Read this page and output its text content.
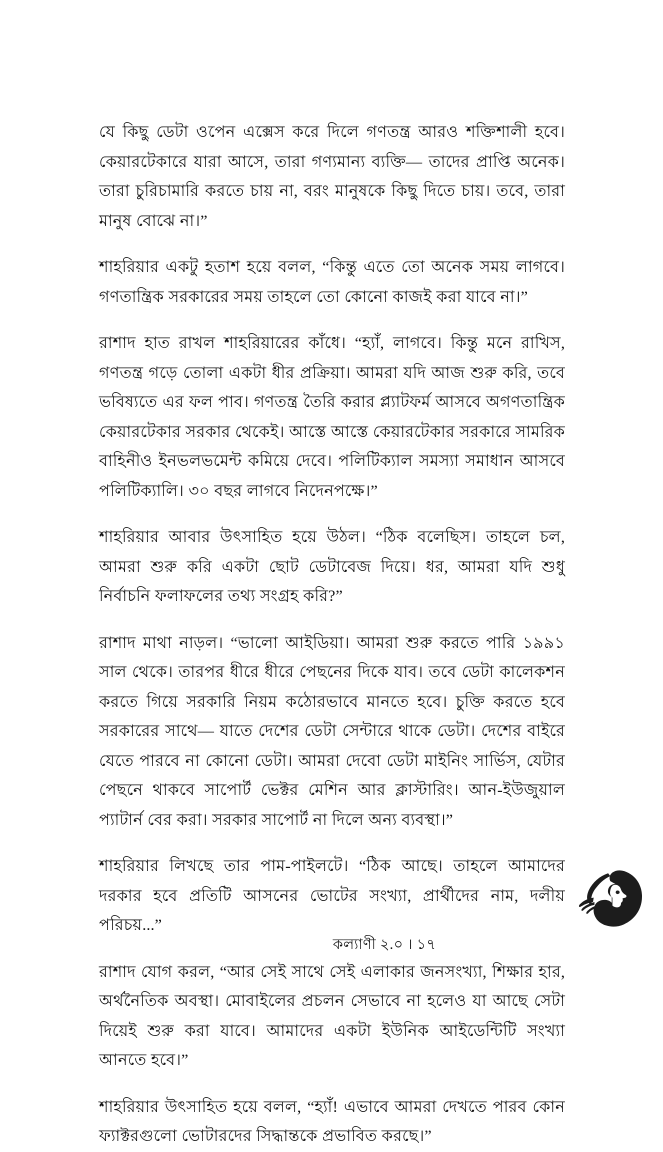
যে কিছু ডেটা ওপেন এক্সেস করে দিলে গণতন্ত্র আরও শক্তিশালী হবে। কেয়ারটেকারে যারা আসে, তারা গণ্যমান্য ব্যক্তি— তাদের প্রাপ্তি অনেক। তারা চুরিচামারি করতে চায় না, বরং মানুষকে কিছু দিতে চায়। তবে, তারা মানুষ বোঝে না।”

শাহরিয়ার একটু হতাশ হয়ে বলল, “কিন্তু এতে তো অনেক সময় লাগবে। গণতান্ত্রিক সরকারের সময় তাহলে তো কোনো কাজই করা যাবে না।”

রাশাদ হাত রাখল শাহরিয়ারের কাঁধে। “হ্যাঁ, লাগবে। কিন্তু মনে রাখিস, গণতন্ত্র গড়ে তোলা একটা ধীর প্রক্রিয়া। আমরা যদি আজ শুরু করি, তবে ভবিষ্যতে এর ফল পাব। গণতন্ত্র তৈরি করার প্ল্যাটফর্ম আসবে অগণতান্ত্রিক কেয়ারটেকার সরকার থেকেই। আস্তে আস্তে কেয়ারটেকার সরকারে সামরিক বাহিনীও ইনভলভমেন্ট কমিয়ে দেবে। পলিটিক্যাল সমস্যা সমাধান আসবে পলিটিক্যালি। ৩০ বছর লাগবে নিদেনপক্ষে।”

শাহরিয়ার আবার উৎসাহিত হয়ে উঠল। “ঠিক বলেছিস। তাহলে চল, আমরা শুরু করি একটা ছোট ডেটাবেজ দিয়ে। ধর, আমরা যদি শুধু নির্বাচনি ফলাফলের তথ্য সংগ্রহ করি?”

রাশাদ মাথা নাড়ল। “ভালো আইডিয়া। আমরা শুরু করতে পারি ১৯৯১ সাল থেকে। তারপর ধীরে ধীরে পেছনের দিকে যাব। তবে ডেটা কালেকশন করতে গিয়ে সরকারি নিয়ম কঠোরভাবে মানতে হবে। চুক্তি করতে হবে সরকারের সাথে— যাতে দেশের ডেটা সেন্টারে থাকে ডেটা। দেশের বাইরে যেতে পারবে না কোনো ডেটা। আমরা দেবো ডেটা মাইনিং সার্ভিস, যেটার পেছনে থাকবে সাপোর্ট ভেক্টর মেশিন আর ক্লাস্টারিং। আন-ইউজুয়াল প্যাটার্ন বের করা। সরকার সাপোর্ট না দিলে অন্য ব্যবস্থা।”

শাহরিয়ার লিখছে তার পাম-পাইলটে। “ঠিক আছে। তাহলে আমাদের দরকার হবে প্রতিটি আসনের ভোটের সংখ্যা, প্রার্থীদের নাম, দলীয় পরিচয়...”

রাশাদ যোগ করল, “আর সেই সাথে সেই এলাকার জনসংখ্যা, শিক্ষার হার, অর্থনৈতিক অবস্থা। মোবাইলের প্রচলন সেভাবে না হলেও যা আছে সেটা দিয়েই শুরু করা যাবে। আমাদের একটা ইউনিক আইডেন্টিটি সংখ্যা আনতে হবে।”

শাহরিয়ার উৎসাহিত হয়ে বলল, “হ্যাঁ! এভাবে আমরা দেখতে পারব কোন ফ্যাক্টরগুলো ভোটারদের সিদ্ধান্তকে প্রভাবিত করছে।”

কল্যাণী ২.০ । ১৭
